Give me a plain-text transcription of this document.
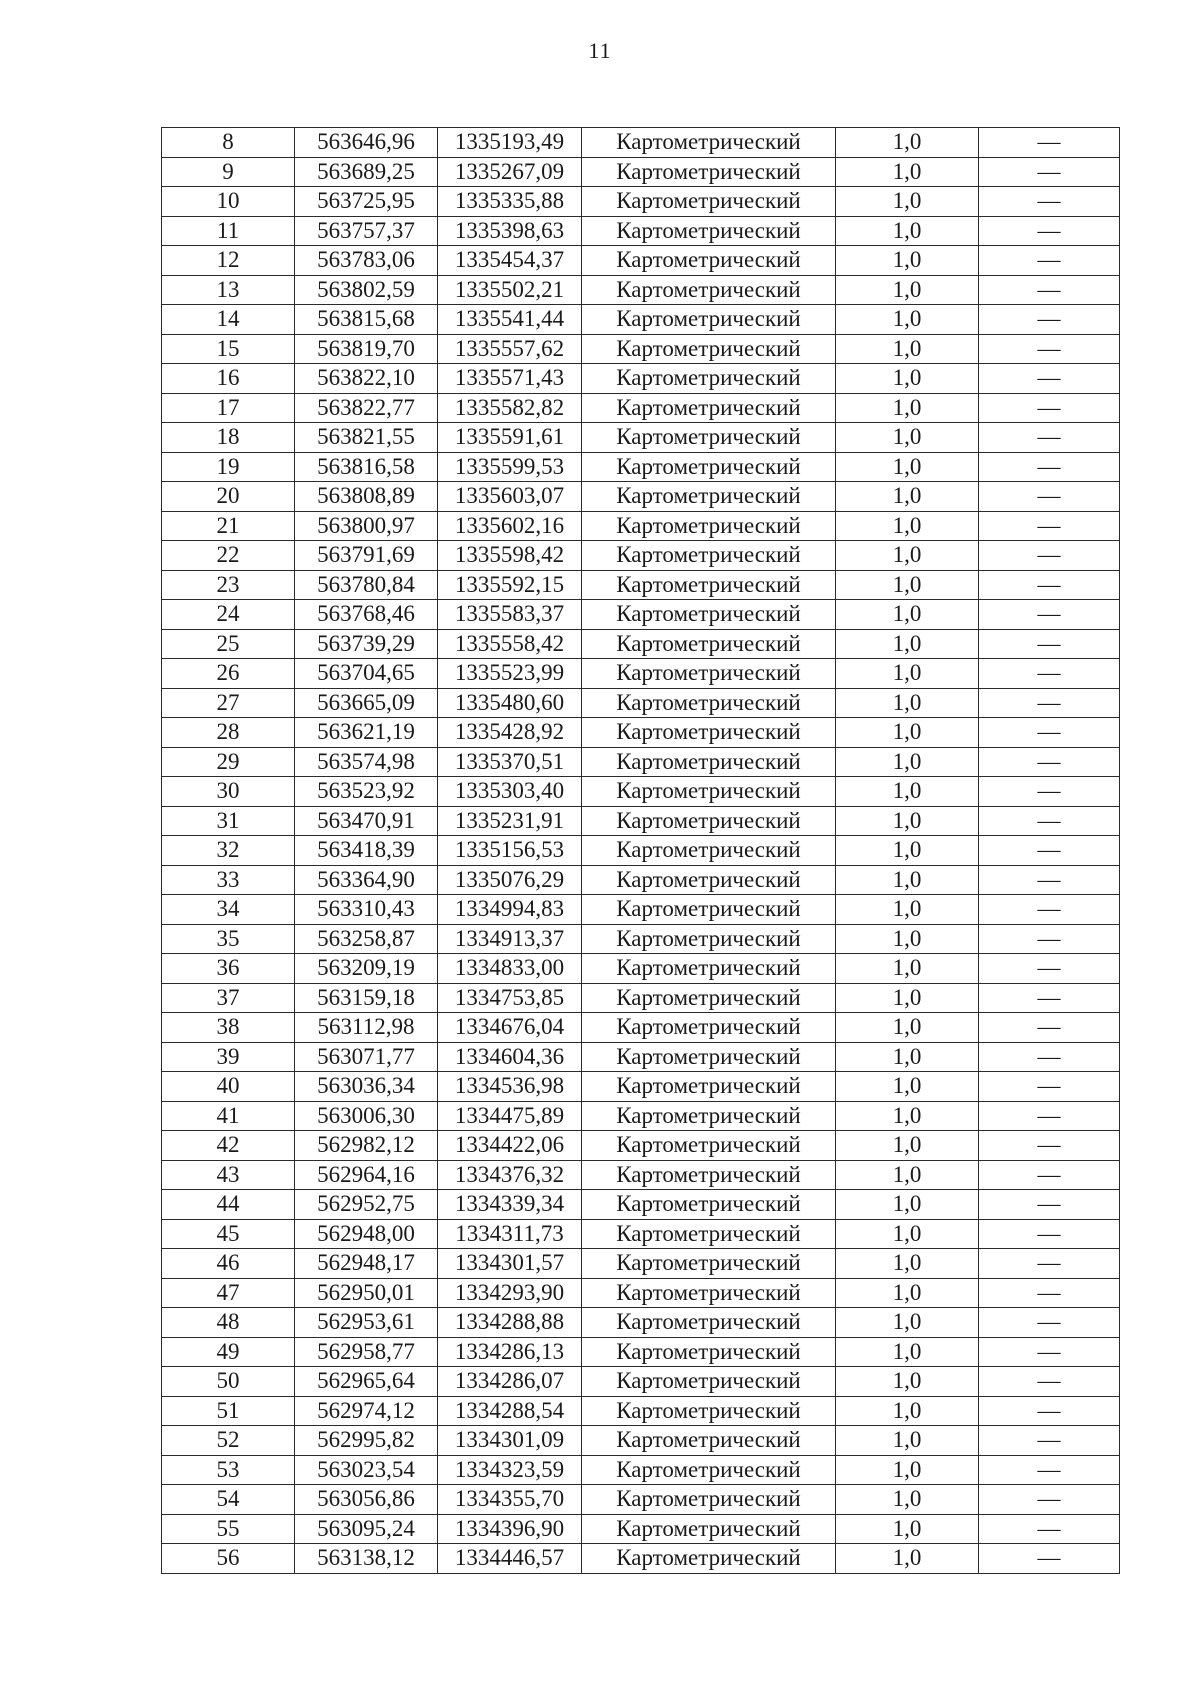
11
8	563646,96	1335193,49	Картометрический	1,0	—
9	563689,25	1335267,09	Картометрический	1,0	—
10	563725,95	1335335,88	Картометрический	1,0	—
11	563757,37	1335398,63	Картометрический	1,0	—
12	563783,06	1335454,37	Картометрический	1,0	—
13	563802,59	1335502,21	Картометрический	1,0	—
14	563815,68	1335541,44	Картометрический	1,0	—
15	563819,70	1335557,62	Картометрический	1,0	—
16	563822,10	1335571,43	Картометрический	1,0	—
17	563822,77	1335582,82	Картометрический	1,0	—
18	563821,55	1335591,61	Картометрический	1,0	—
19	563816,58	1335599,53	Картометрический	1,0	—
20	563808,89	1335603,07	Картометрический	1,0	—
21	563800,97	1335602,16	Картометрический	1,0	—
22	563791,69	1335598,42	Картометрический	1,0	—
23	563780,84	1335592,15	Картометрический	1,0	—
24	563768,46	1335583,37	Картометрический	1,0	—
25	563739,29	1335558,42	Картометрический	1,0	—
26	563704,65	1335523,99	Картометрический	1,0	—
27	563665,09	1335480,60	Картометрический	1,0	—
28	563621,19	1335428,92	Картометрический	1,0	—
29	563574,98	1335370,51	Картометрический	1,0	—
30	563523,92	1335303,40	Картометрический	1,0	—
31	563470,91	1335231,91	Картометрический	1,0	—
32	563418,39	1335156,53	Картометрический	1,0	—
33	563364,90	1335076,29	Картометрический	1,0	—
34	563310,43	1334994,83	Картометрический	1,0	—
35	563258,87	1334913,37	Картометрический	1,0	—
36	563209,19	1334833,00	Картометрический	1,0	—
37	563159,18	1334753,85	Картометрический	1,0	—
38	563112,98	1334676,04	Картометрический	1,0	—
39	563071,77	1334604,36	Картометрический	1,0	—
40	563036,34	1334536,98	Картометрический	1,0	—
41	563006,30	1334475,89	Картометрический	1,0	—
42	562982,12	1334422,06	Картометрический	1,0	—
43	562964,16	1334376,32	Картометрический	1,0	—
44	562952,75	1334339,34	Картометрический	1,0	—
45	562948,00	1334311,73	Картометрический	1,0	—
46	562948,17	1334301,57	Картометрический	1,0	—
47	562950,01	1334293,90	Картометрический	1,0	—
48	562953,61	1334288,88	Картометрический	1,0	—
49	562958,77	1334286,13	Картометрический	1,0	—
50	562965,64	1334286,07	Картометрический	1,0	—
51	562974,12	1334288,54	Картометрический	1,0	—
52	562995,82	1334301,09	Картометрический	1,0	—
53	563023,54	1334323,59	Картометрический	1,0	—
54	563056,86	1334355,70	Картометрический	1,0	—
55	563095,24	1334396,90	Картометрический	1,0	—
56	563138,12	1334446,57	Картометрический	1,0	—
